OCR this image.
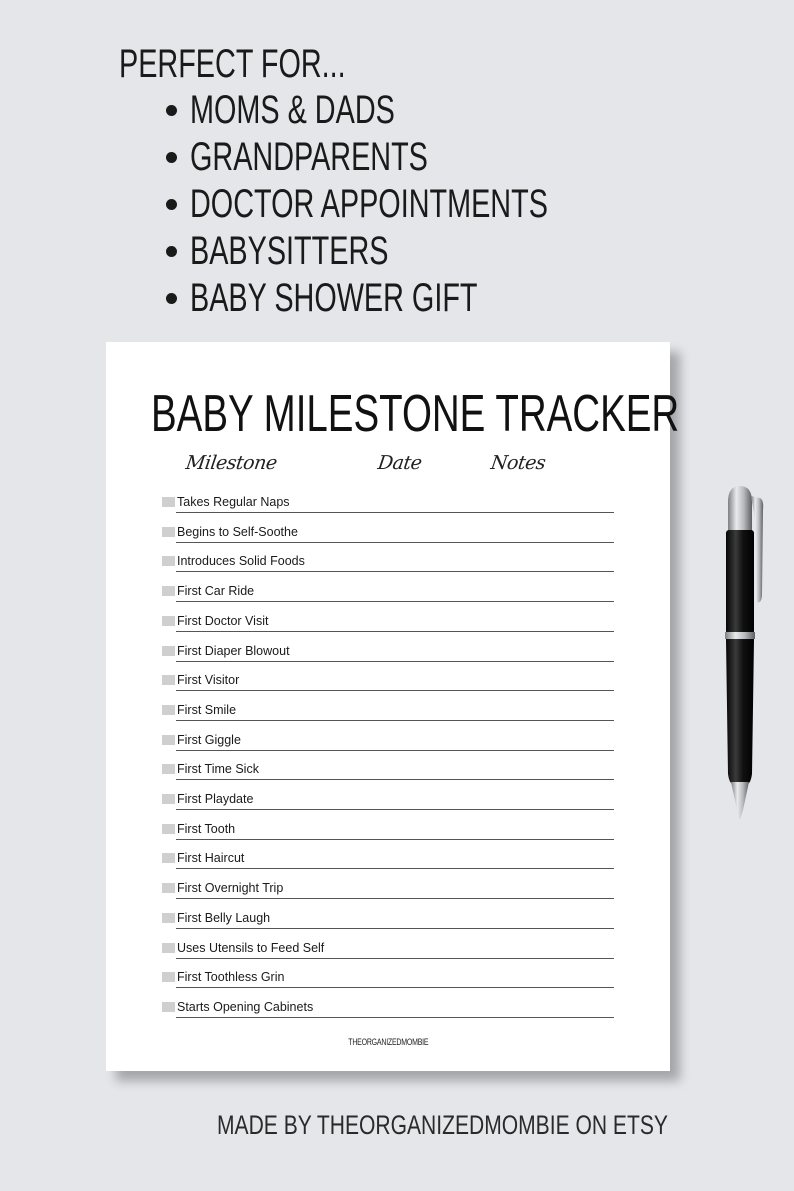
PERFECT FOR...
MOMS & DADS
GRANDPARENTS
DOCTOR APPOINTMENTS
BABYSITTERS
BABY SHOWER GIFT
BABY MILESTONE TRACKER
Milestone	Date	Notes
Takes Regular Naps
Begins to Self-Soothe
Introduces Solid Foods
First Car Ride
First Doctor Visit
First Diaper Blowout
First Visitor
First Smile
First Giggle
First Time Sick
First Playdate
First Tooth
First Haircut
First Overnight Trip
First Belly Laugh
Uses Utensils to Feed Self
First Toothless Grin
Starts Opening Cabinets
THEORGANIZEDMOMBIE
MADE BY THEORGANIZEDMOMBIE ON ETSY
